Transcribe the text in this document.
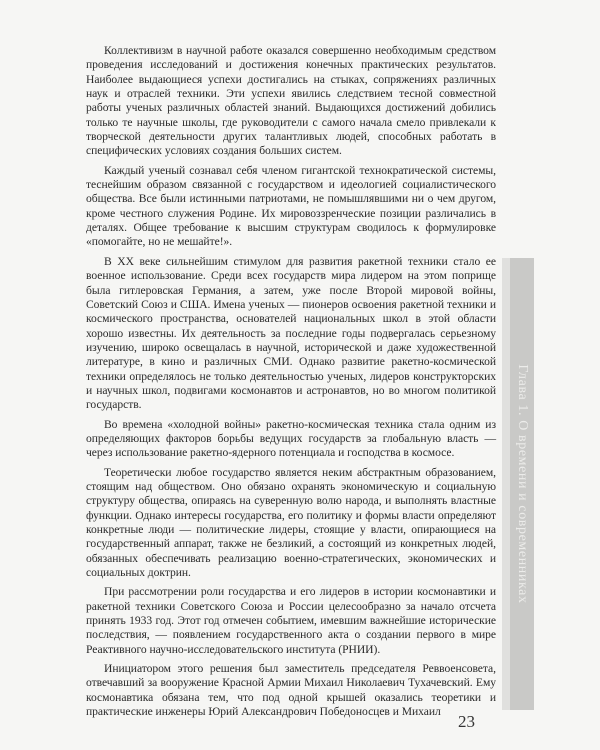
Коллективизм в научной работе оказался совершенно необходимым средством проведения исследований и достижения конечных практических результатов. Наиболее выдающиеся успехи достигались на стыках, сопряжениях различных наук и отраслей техники. Эти успехи явились следствием тесной совместной работы ученых различных областей знаний. Выдающихся достижений добились только те научные школы, где руководители с самого начала смело привлекали к творческой деятельности других талантливых людей, способных работать в специфических условиях создания больших систем.

Каждый ученый сознавал себя членом гигантской технократической системы, теснейшим образом связанной с государством и идеологией социалистического общества. Все были истинными патриотами, не помышлявшими ни о чем другом, кроме честного служения Родине. Их мировоззренческие позиции различались в деталях. Общее требование к высшим структурам сводилось к формулировке «помогайте, но не мешайте!».

В XX веке сильнейшим стимулом для развития ракетной техники стало ее военное использование. Среди всех государств мира лидером на этом поприще была гитлеровская Германия, а затем, уже после Второй мировой войны, Советский Союз и США. Имена ученых — пионеров освоения ракетной техники и космического пространства, основателей национальных школ в этой области хорошо известны. Их деятельность за последние годы подвергалась серьезному изучению, широко освещалась в научной, исторической и даже художественной литературе, в кино и различных СМИ. Однако развитие ракетно-космической техники определялось не только деятельностью ученых, лидеров конструкторских и научных школ, подвигами космонавтов и астронавтов, но во многом политикой государств.

Во времена «холодной войны» ракетно-космическая техника стала одним из определяющих факторов борьбы ведущих государств за глобальную власть — через использование ракетно-ядерного потенциала и господства в космосе.

Теоретически любое государство является неким абстрактным образованием, стоящим над обществом. Оно обязано охранять экономическую и социальную структуру общества, опираясь на суверенную волю народа, и выполнять властные функции. Однако интересы государства, его политику и формы власти определяют конкретные люди — политические лидеры, стоящие у власти, опирающиеся на государственный аппарат, также не безликий, а состоящий из конкретных людей, обязанных обеспечивать реализацию военно-стратегических, экономических и социальных доктрин.

При рассмотрении роли государства и его лидеров в истории космонавтики и ракетной техники Советского Союза и России целесообразно за начало отсчета принять 1933 год. Этот год отмечен событием, имевшим важнейшие исторические последствия, — появлением государственного акта о создании первого в мире Реактивного научно-исследовательского института (РНИИ).

Инициатором этого решения был заместитель председателя Реввоенсовета, отвечавший за вооружение Красной Армии Михаил Николаевич Тухачевский. Ему космонавтика обязана тем, что под одной крышей оказались теоретики и практические инженеры Юрий Александрович Победоносцев и Михаил

Глава 1. О времени и современниках
23
